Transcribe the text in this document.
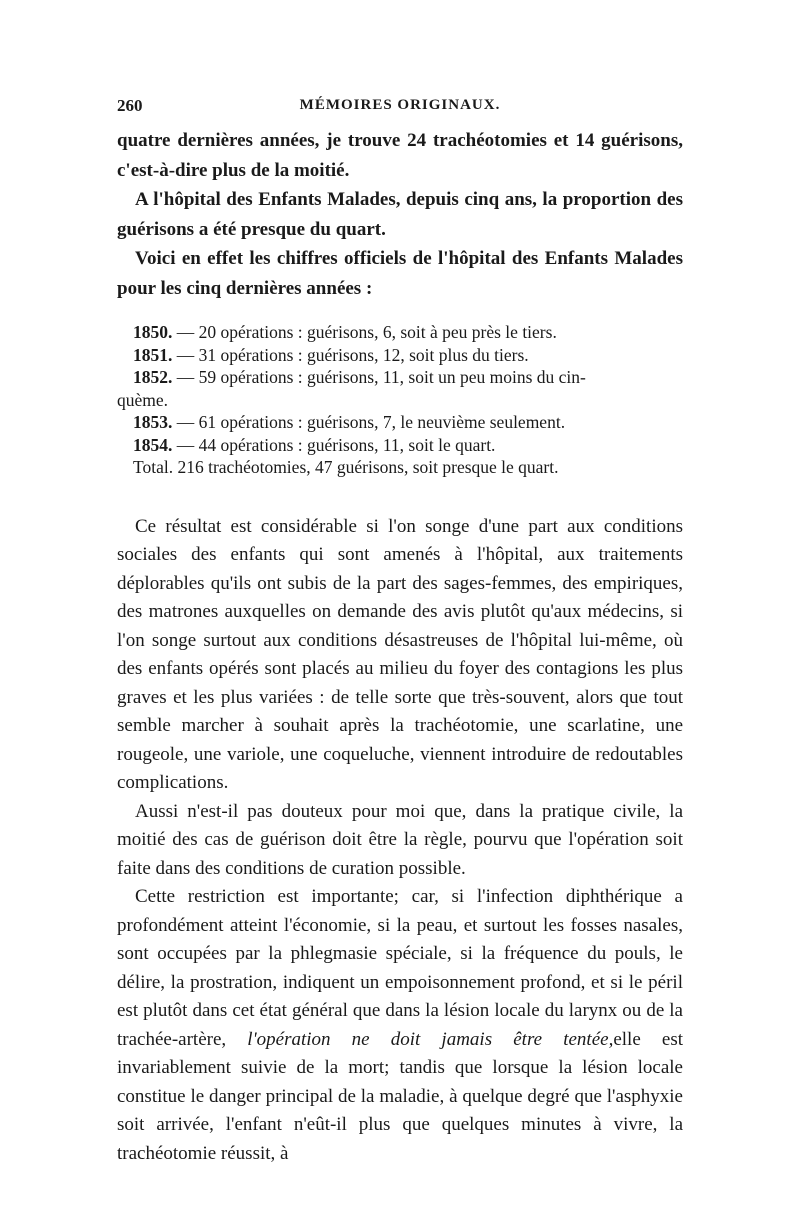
260	MÉMOIRES ORIGINAUX.

quatre dernières années, je trouve 24 trachéotomies et 14 guérisons, c'est-à-dire plus de la moitié.

A l'hôpital des Enfants Malades, depuis cinq ans, la proportion des guérisons a été presque du quart.

Voici en effet les chiffres officiels de l'hôpital des Enfants Malades pour les cinq dernières années :

1850. — 20 opérations : guérisons, 6, soit à peu près le tiers.
1851. — 31 opérations : guérisons, 12, soit plus du tiers.
1852. — 59 opérations : guérisons, 11, soit un peu moins du cin-
quème.
1853. — 61 opérations : guérisons, 7, le neuvième seulement.
1854. — 44 opérations : guérisons, 11, soit le quart.
Total. 216 trachéotomies, 47 guérisons, soit presque le quart.

Ce résultat est considérable si l'on songe d'une part aux conditions sociales des enfants qui sont amenés à l'hôpital, aux traitements déplorables qu'ils ont subis de la part des sages-femmes, des empiriques, des matrones auxquelles on demande des avis plutôt qu'aux médecins, si l'on songe surtout aux conditions désastreuses de l'hôpital lui-même, où des enfants opérés sont placés au milieu du foyer des contagions les plus graves et les plus variées : de telle sorte que très-souvent, alors que tout semble marcher à souhait après la trachéotomie, une scarlatine, une rougeole, une variole, une coqueluche, viennent introduire de redoutables complications.

Aussi n'est-il pas douteux pour moi que, dans la pratique civile, la moitié des cas de guérison doit être la règle, pourvu que l'opération soit faite dans des conditions de curation possible.

Cette restriction est importante; car, si l'infection diphthérique a profondément atteint l'économie, si la peau, et surtout les fosses nasales, sont occupées par la phlegmasie spéciale, si la fréquence du pouls, le délire, la prostration, indiquent un empoisonnement profond, et si le péril est plutôt dans cet état général que dans la lésion locale du larynx ou de la trachée-artère, l'opération ne doit jamais être tentée,elle est invariablement suivie de la mort; tandis que lorsque la lésion locale constitue le danger principal de la maladie, à quelque degré que l'asphyxie soit arrivée, l'enfant n'eût-il plus que quelques minutes à vivre, la trachéotomie réussit, à
